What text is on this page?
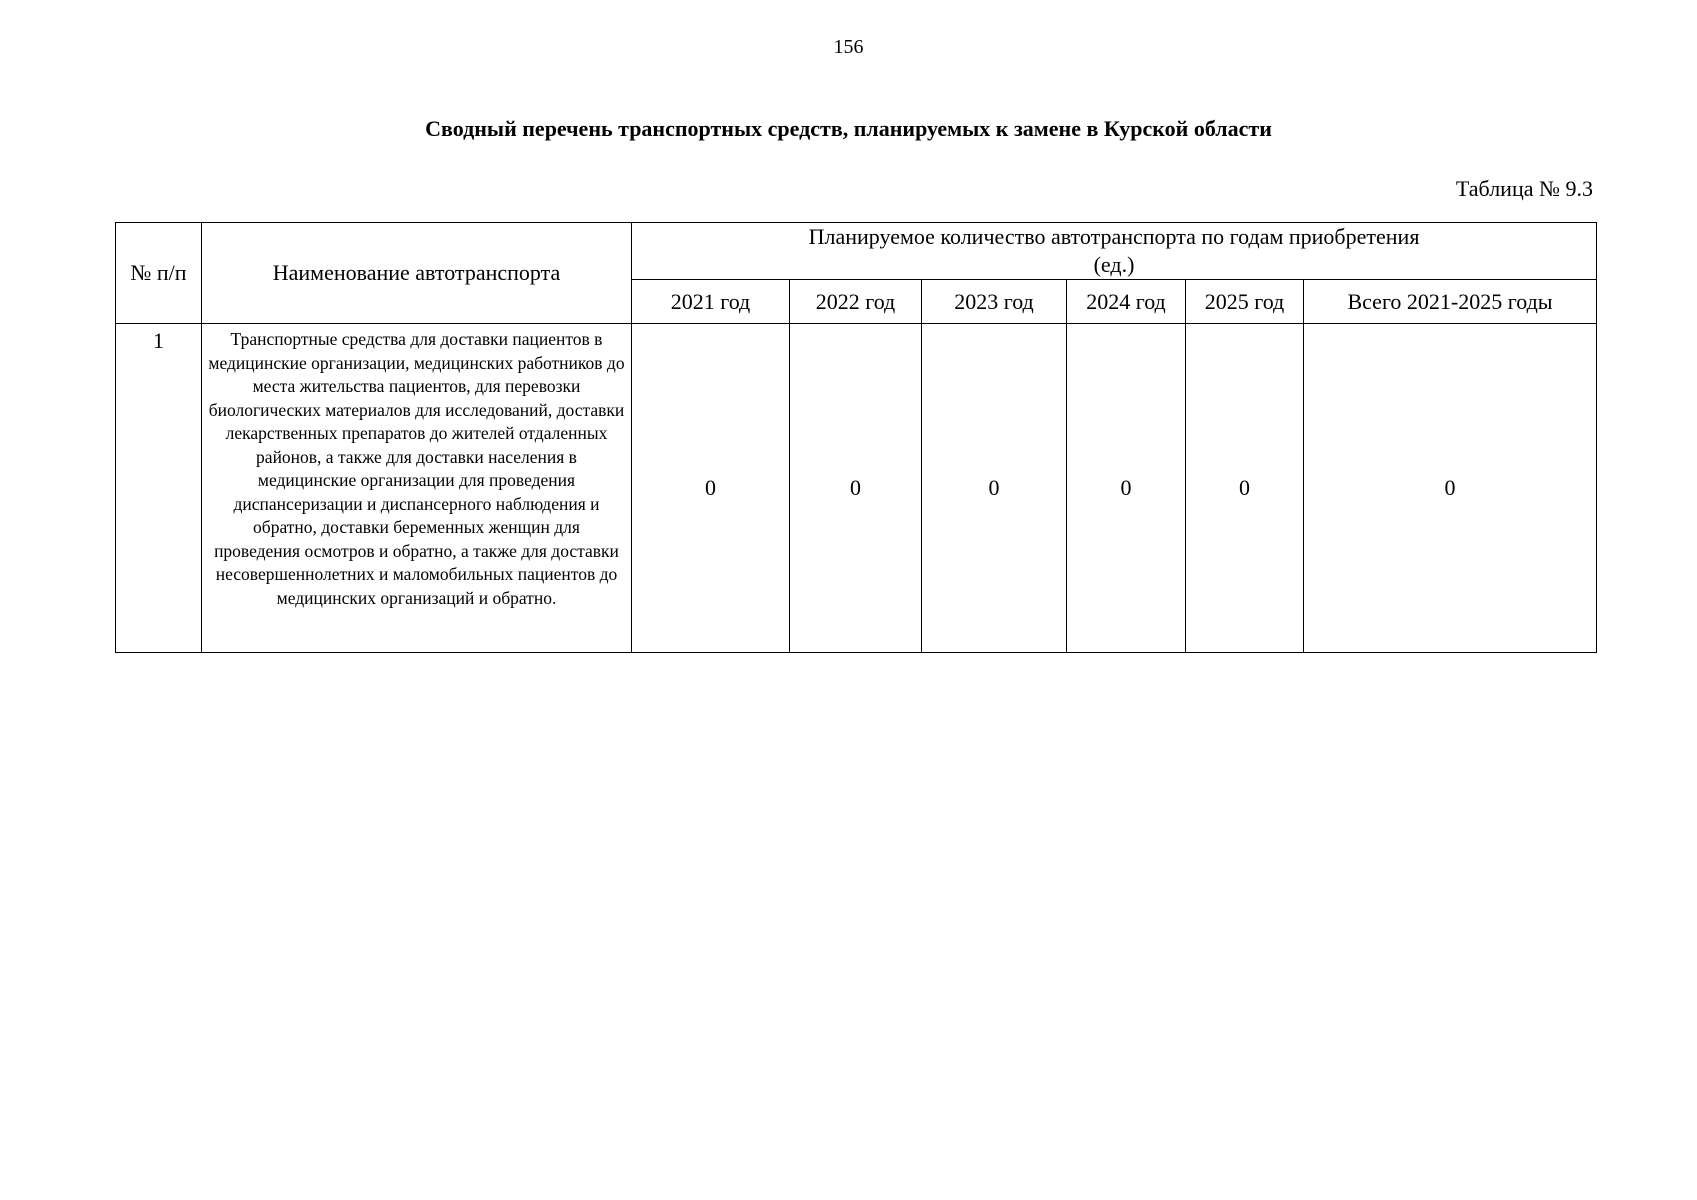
156
Сводный перечень транспортных средств, планируемых к замене в Курской области
Таблица № 9.3
№ п/п	Наименование автотранспорта	Планируемое количество автотранспорта по годам приобретения
(ед.)					

		2021 год	2022 год	2023 год	2024 год	2025 год	Всего 2021-2025 годы
1	Транспортные средства для доставки пациентов в медицинские организации, медицинских работников до места жительства пациентов, для перевозки биологических материалов для исследований, доставки лекарственных препаратов до жителей отдаленных районов, а также для доставки населения в медицинские организации для проведения диспансеризации и диспансерного наблюдения и обратно, доставки беременных женщин для проведения осмотров и обратно, а также для доставки несовершеннолетних и маломобильных пациентов до медицинских организаций и обратно.	0	0	0	0	0	0
